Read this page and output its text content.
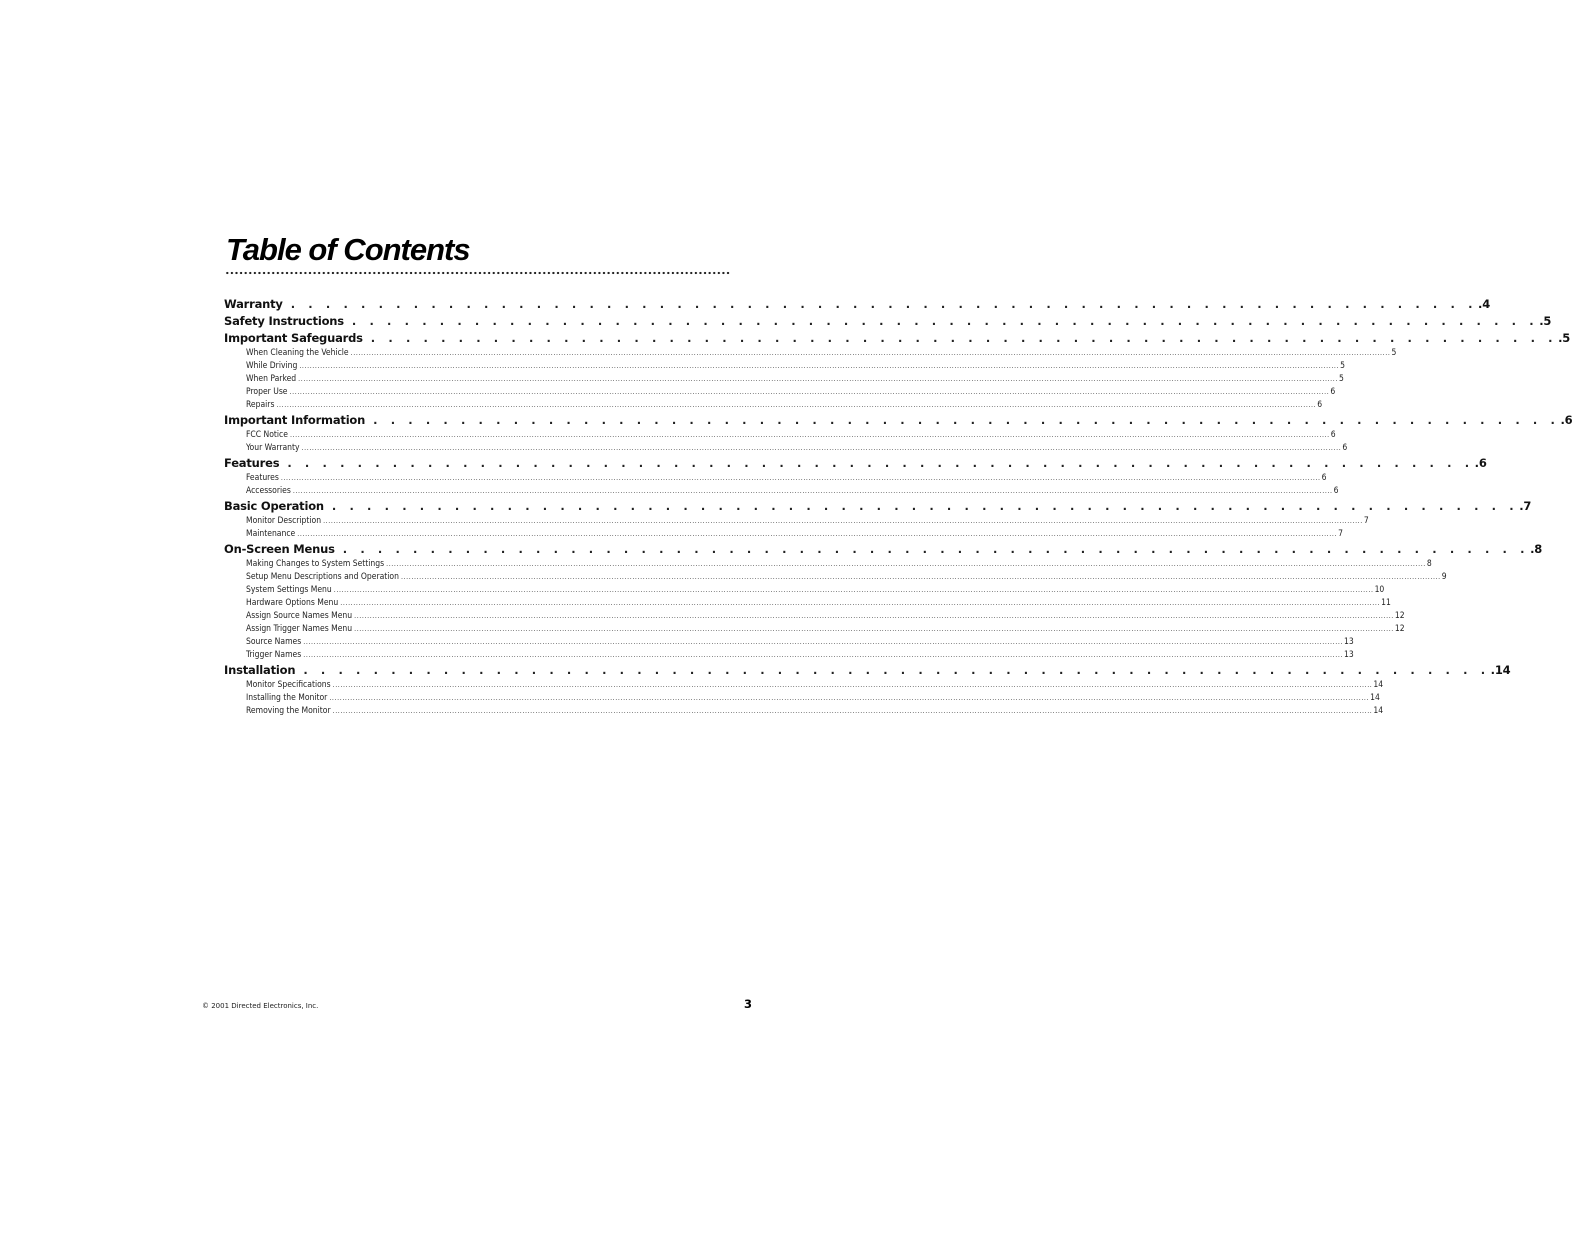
Table of Contents
Warranty . . . . . . . . . . . . . . . . . . . . . . . . . . . . . . . . . . . . . . . . . . . . . . . . . . . . . . . . . . . . . . . . . . . . .4
Safety Instructions . . . . . . . . . . . . . . . . . . . . . . . . . . . . . . . . . . . . . . . . . . . . . . . . . . . . . . . . . . . . . . . . . . . . .5
Important Safeguards . . . . . . . . . . . . . . . . . . . . . . . . . . . . . . . . . . . . . . . . . . . . . . . . . . . . . . . . . . . . . . . . . . . . .5
When Cleaning the Vehicle ................................................................................................................................................................................................................................................................................................................................................................................................................ 5
While Driving ................................................................................................................................................................................................................................................................................................................................................................................................................ 5
When Parked ................................................................................................................................................................................................................................................................................................................................................................................................................ 5
Proper Use ................................................................................................................................................................................................................................................................................................................................................................................................................ 6
Repairs ................................................................................................................................................................................................................................................................................................................................................................................................................ 6
Important Information . . . . . . . . . . . . . . . . . . . . . . . . . . . . . . . . . . . . . . . . . . . . . . . . . . . . . . . . . . . . . . . . . . . . .6
FCC Notice ................................................................................................................................................................................................................................................................................................................................................................................................................ 6
Your Warranty ................................................................................................................................................................................................................................................................................................................................................................................................................ 6
Features . . . . . . . . . . . . . . . . . . . . . . . . . . . . . . . . . . . . . . . . . . . . . . . . . . . . . . . . . . . . . . . . . . . . .6
Features ................................................................................................................................................................................................................................................................................................................................................................................................................ 6
Accessories ................................................................................................................................................................................................................................................................................................................................................................................................................ 6
Basic Operation . . . . . . . . . . . . . . . . . . . . . . . . . . . . . . . . . . . . . . . . . . . . . . . . . . . . . . . . . . . . . . . . . . . . .7
Monitor Description ................................................................................................................................................................................................................................................................................................................................................................................................................ 7
Maintenance ................................................................................................................................................................................................................................................................................................................................................................................................................ 7
On-Screen Menus . . . . . . . . . . . . . . . . . . . . . . . . . . . . . . . . . . . . . . . . . . . . . . . . . . . . . . . . . . . . . . . . . . . . .8
Making Changes to System Settings ................................................................................................................................................................................................................................................................................................................................................................................................................ 8
Setup Menu Descriptions and Operation ................................................................................................................................................................................................................................................................................................................................................................................................................ 9
System Settings Menu ................................................................................................................................................................................................................................................................................................................................................................................................................ 10
Hardware Options Menu ................................................................................................................................................................................................................................................................................................................................................................................................................ 11
Assign Source Names Menu ................................................................................................................................................................................................................................................................................................................................................................................................................ 12
Assign Trigger Names Menu ................................................................................................................................................................................................................................................................................................................................................................................................................ 12
Source Names ................................................................................................................................................................................................................................................................................................................................................................................................................ 13
Trigger Names ................................................................................................................................................................................................................................................................................................................................................................................................................ 13
Installation . . . . . . . . . . . . . . . . . . . . . . . . . . . . . . . . . . . . . . . . . . . . . . . . . . . . . . . . . . . . . . . . . . . . .14
Monitor Specifications ................................................................................................................................................................................................................................................................................................................................................................................................................ 14
Installing the Monitor ................................................................................................................................................................................................................................................................................................................................................................................................................ 14
Removing the Monitor ................................................................................................................................................................................................................................................................................................................................................................................................................ 14
© 2001 Directed Electronics, Inc.	3
